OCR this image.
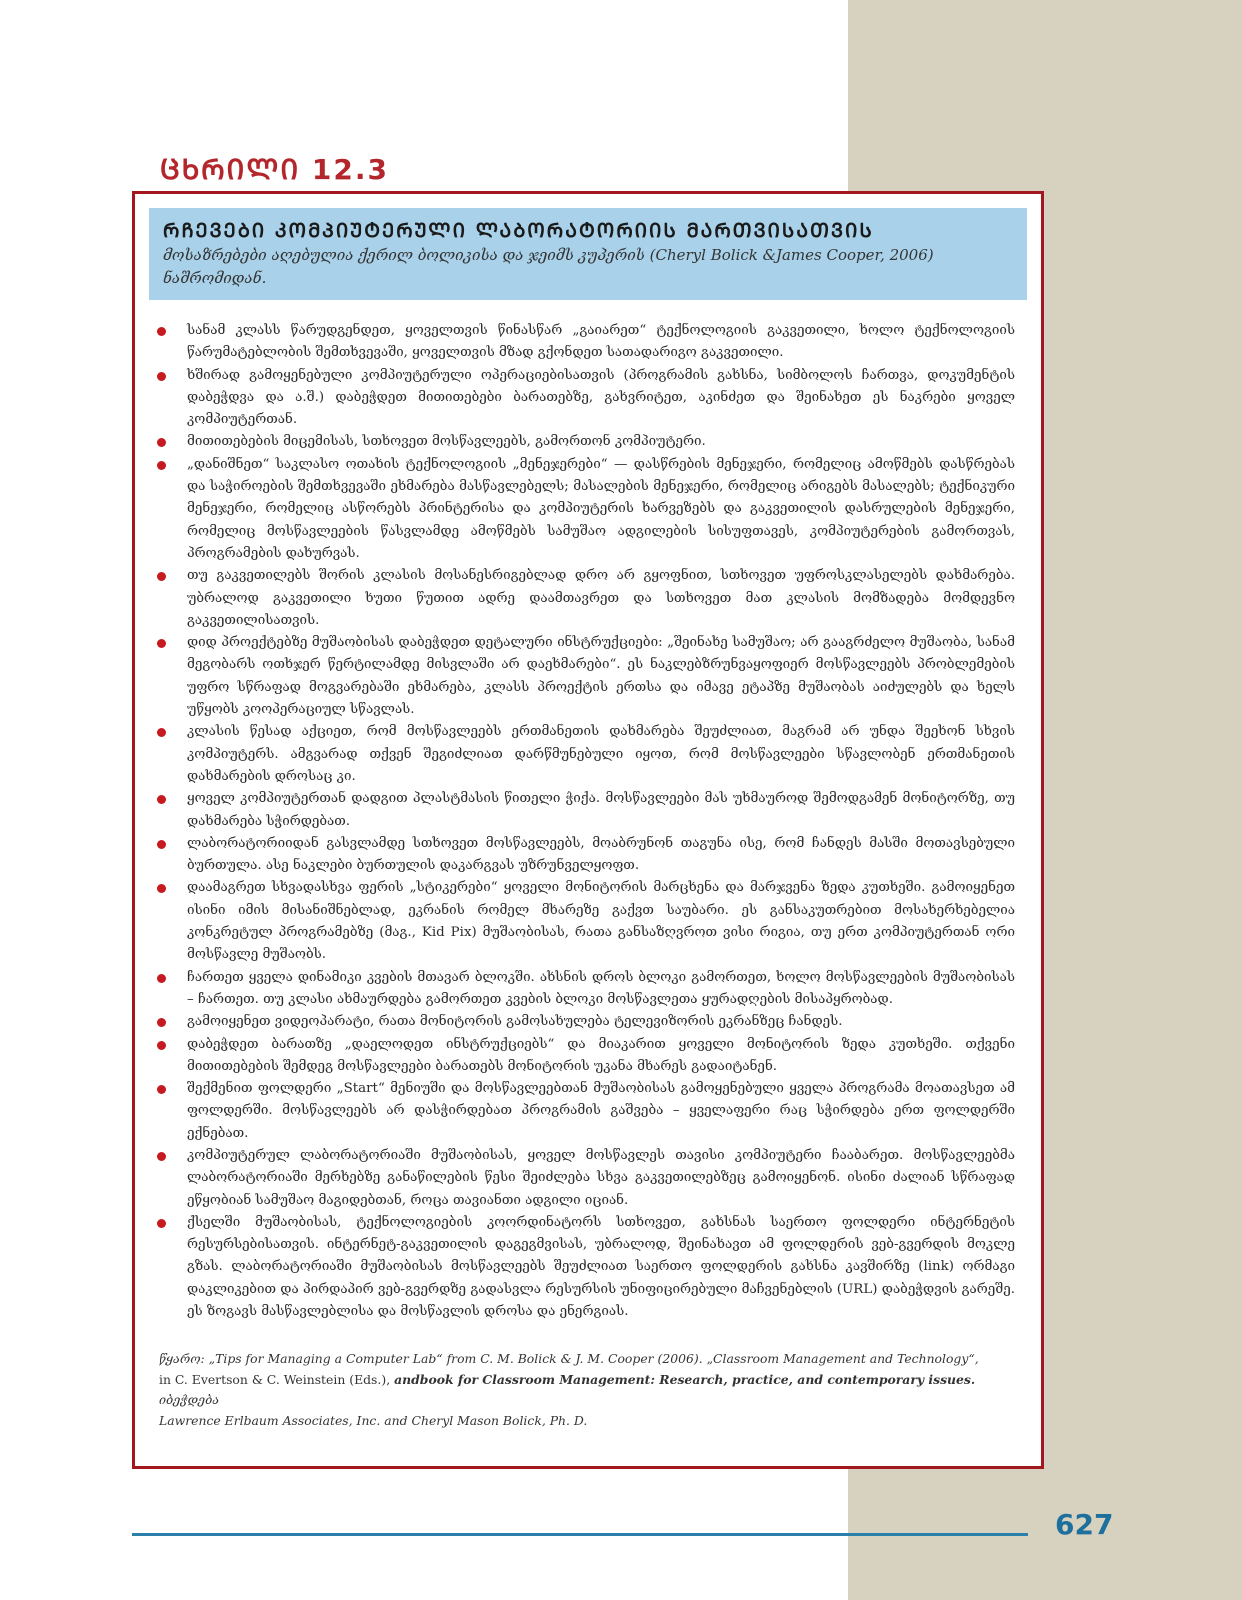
ᲪᲮᲠᲘᲚᲘ 12.3
ᲠᲩᲔᲕᲔᲑᲘ ᲙᲝᲛᲞᲘᲣᲢᲔᲠᲣᲚᲘ ᲚᲐᲑᲝᲠᲐᲢᲝᲠᲘᲘᲡ ᲛᲐᲠᲗᲕᲘᲡᲐᲗᲕᲘᲡ

მოსაზრებები აღებულია ქერილ ბოლიკისა და ჯეიმს კუპერის (Cheryl Bolick &James Cooper, 2006) ნაშრომიდან.

სანამ კლასს წარუდგენდეთ, ყოველთვის წინასწარ „გაიარეთ“ ტექნოლოგიის გაკვეთილი, ხოლო ტექნოლოგიის წარუმატებლობის შემთხვევაში, ყოველთვის მზად გქონდეთ სათადარიგო გაკვეთილი.
ხშირად გამოყენებული კომპიუტერული ოპერაციებისათვის (პროგრამის გახსნა, სიმბოლოს ჩართვა, დოკუმენტის დაბეჭდვა და ა.შ.) დაბეჭდეთ მითითებები ბარათებზე, გახვრიტეთ, აკინძეთ და შეინახეთ ეს ნაკრები ყოველ კომპიუტერთან.
მითითებების მიცემისას, სთხოვეთ მოსწავლეებს, გამორთონ კომპიუტერი.
„დანიშნეთ“ საკლასო ოთახის ტექნოლოგიის „მენეჯერები“ — დასწრების მენეჯერი, რომელიც ამოწმებს დასწრებას და საჭიროების შემთხვევაში ეხმარება მასწავლებელს; მასალების მენეჯერი, რომელიც არიგებს მასალებს; ტექნიკური მენეჯერი, რომელიც ასწორებს პრინტერისა და კომპიუტერის ხარვეზებს და გაკვეთილის დასრულების მენეჯერი, რომელიც მოსწავლეების წასვლამდე ამოწმებს სამუშაო ადგილების სისუფთავეს, კომპიუტერების გამორთვას, პროგრამების დახურვას.
თუ გაკვეთილებს შორის კლასის მოსანესრიგებლად დრო არ გყოფნით, სთხოვეთ უფროსკლასელებს დახმარება. უბრალოდ გაკვეთილი ხუთი წუთით ადრე დაამთავრეთ და სთხოვეთ მათ კლასის მომზადება მომდევნო გაკვეთილისათვის.
დიდ პროექტებზე მუშაობისას დაბეჭდეთ დეტალური ინსტრუქციები: „შეინახე სამუშაო; არ გააგრძელო მუშაობა, სანამ მეგობარს ოთხჯერ წერტილამდე მისვლაში არ დაეხმარები“. ეს ნაკლებზრუნვაყოფიერ მოსწავლეებს პრობლემების უფრო სწრაფად მოგვარებაში ეხმარება, კლასს პროექტის ერთსა და იმავე ეტაპზე მუშაობას აიძულებს და ხელს უწყობს კოოპერაციულ სწავლას.
კლასის წესად აქციეთ, რომ მოსწავლეებს ერთმანეთის დახმარება შეუძლიათ, მაგრამ არ უნდა შეეხონ სხვის კომპიუტერს. ამგვარად თქვენ შეგიძლიათ დარწმუნებული იყოთ, რომ მოსწავლეები სწავლობენ ერთმანეთის დახმარების დროსაც კი.
ყოველ კომპიუტერთან დადგით პლასტმასის წითელი ჭიქა. მოსწავლეები მას უხმაუროდ შემოდგამენ მონიტორზე, თუ დახმარება სჭირდებათ.
ლაბორატორიიდან გასვლამდე სთხოვეთ მოსწავლეებს, მოაბრუნონ თაგუნა ისე, რომ ჩანდეს მასში მოთავსებული ბურთულა. ასე ნაკლები ბურთულის დაკარგვას უზრუნველყოფთ.
დაამაგრეთ სხვადასხვა ფერის „სტიკერები“ ყოველი მონიტორის მარცხენა და მარჯვენა ზედა კუთხეში. გამოიყენეთ ისინი იმის მისანიშნებლად, ეკრანის რომელ მხარეზე გაქვთ საუბარი. ეს განსაკუთრებით მოსახერხებელია კონკრეტულ პროგრამებზე (მაგ., Kid Pix) მუშაობისას, რათა განსაზღვროთ ვისი რიგია, თუ ერთ კომპიუტერთან ორი მოსწავლე მუშაობს.
ჩართეთ ყველა დინამიკი კვების მთავარ ბლოკში. ახსნის დროს ბლოკი გამორთეთ, ხოლო მოსწავლეების მუშაობისას – ჩართეთ. თუ კლასი ახმაურდება გამორთეთ კვების ბლოკი მოსწავლეთა ყურადღების მისაპყრობად.
გამოიყენეთ ვიდეოპარატი, რათა მონიტორის გამოსახულება ტელევიზორის ეკრანზეც ჩანდეს.
დაბეჭდეთ ბარათზე „დაელოდეთ ინსტრუქციებს“ და მიაკარით ყოველი მონიტორის ზედა კუთხეში. თქვენი მითითებების შემდეგ მოსწავლეები ბარათებს მონიტორის უკანა მხარეს გადაიტანენ.
შექმენით ფოლდერი „Start“ მენიუში და მოსწავლეებთან მუშაობისას გამოყენებული ყველა პროგრამა მოათავსეთ ამ ფოლდერში. მოსწავლეებს არ დასჭირდებათ პროგრამის გაშვება – ყველაფერი რაც სჭირდება ერთ ფოლდერში ექნებათ.
კომპიუტერულ ლაბორატორიაში მუშაობისას, ყოველ მოსწავლეს თავისი კომპიუტერი ჩააბარეთ. მოსწავლეებმა ლაბორატორიაში მერხებზე განაწილების წესი შეიძლება სხვა გაკვეთილებზეც გამოიყენონ. ისინი ძალიან სწრაფად ეწყობიან სამუშაო მაგიდებთან, როცა თავიანთი ადგილი იციან.
ქსელში მუშაობისას, ტექნოლოგიების კოორდინატორს სთხოვეთ, გახსნას საერთო ფოლდერი ინტერნეტის რესურსებისათვის. ინტერნეტ-გაკვეთილის დაგეგმვისას, უბრალოდ, შეინახავთ ამ ფოლდერის ვებ-გვერდის მოკლე გზას. ლაბორატორიაში მუშაობისას მოსწავლეებს შეუძლიათ საერთო ფოლდერის გახსნა კავშირზე (link) ორმაგი დაკლიკებით და პირდაპირ ვებ-გვერდზე გადასვლა რესურსის უნიფიცირებული მაჩვენებლის (URL) დაბეჭდვის გარეშე. ეს ზოგავს მასწავლებლისა და მოსწავლის დროსა და ენერგიას.

წყარო: „Tips for Managing a Computer Lab“ from C. M. Bolick & J. M. Cooper (2006). „Classroom Management and Technology“,
in C. Evertson & C. Weinstein (Eds.), andbook for Classroom Management: Research, practice, and contemporary issues. იბეჭდება
Lawrence Erlbaum Associates, Inc. and Cheryl Mason Bolick, Ph. D.

627
